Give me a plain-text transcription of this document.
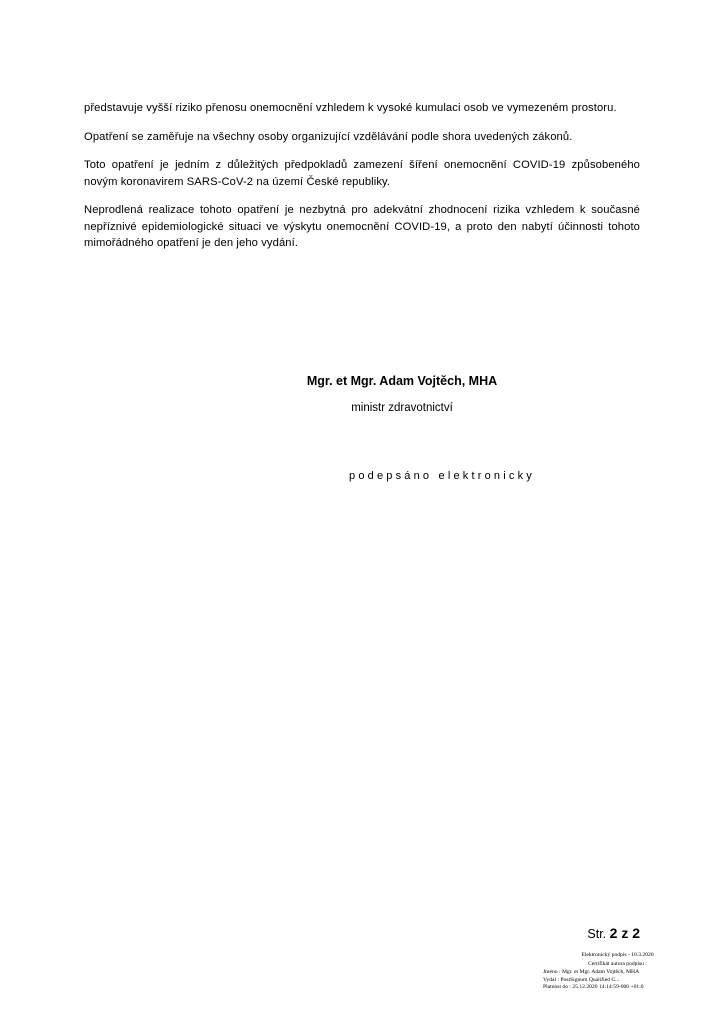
představuje vyšší riziko přenosu onemocnění vzhledem k vysoké kumulaci osob ve vymezeném prostoru.

Opatření se zaměřuje na všechny osoby organizující vzdělávání podle shora uvedených zákonů.

Toto opatření je jedním z důležitých předpokladů zamezení šíření onemocnění COVID-19 způsobeného novým koronavirem SARS-CoV-2 na území České republiky.

Neprodlená realizace tohoto opatření je nezbytná pro adekvátní zhodnocení rizika vzhledem k současné nepříznivé epidemiologické situaci ve výskytu onemocnění COVID-19, a proto den nabytí účinnosti tohoto mimořádného opatření je den jeho vydání.

Mgr. et Mgr. Adam Vojtěch, MHA
ministr zdravotnictví
podepsáno elektronicky
Str. 2 z 2
Elektronický podpis - 10.3.2020
Certifikát autora podpisu :
Jméno : Mgr. et Mgr. Adam Vojtěch, MHA
Vydal : PostSignum Qualified C...
Platnost do : 25.12.2020 14:14:59-000 +01:0
